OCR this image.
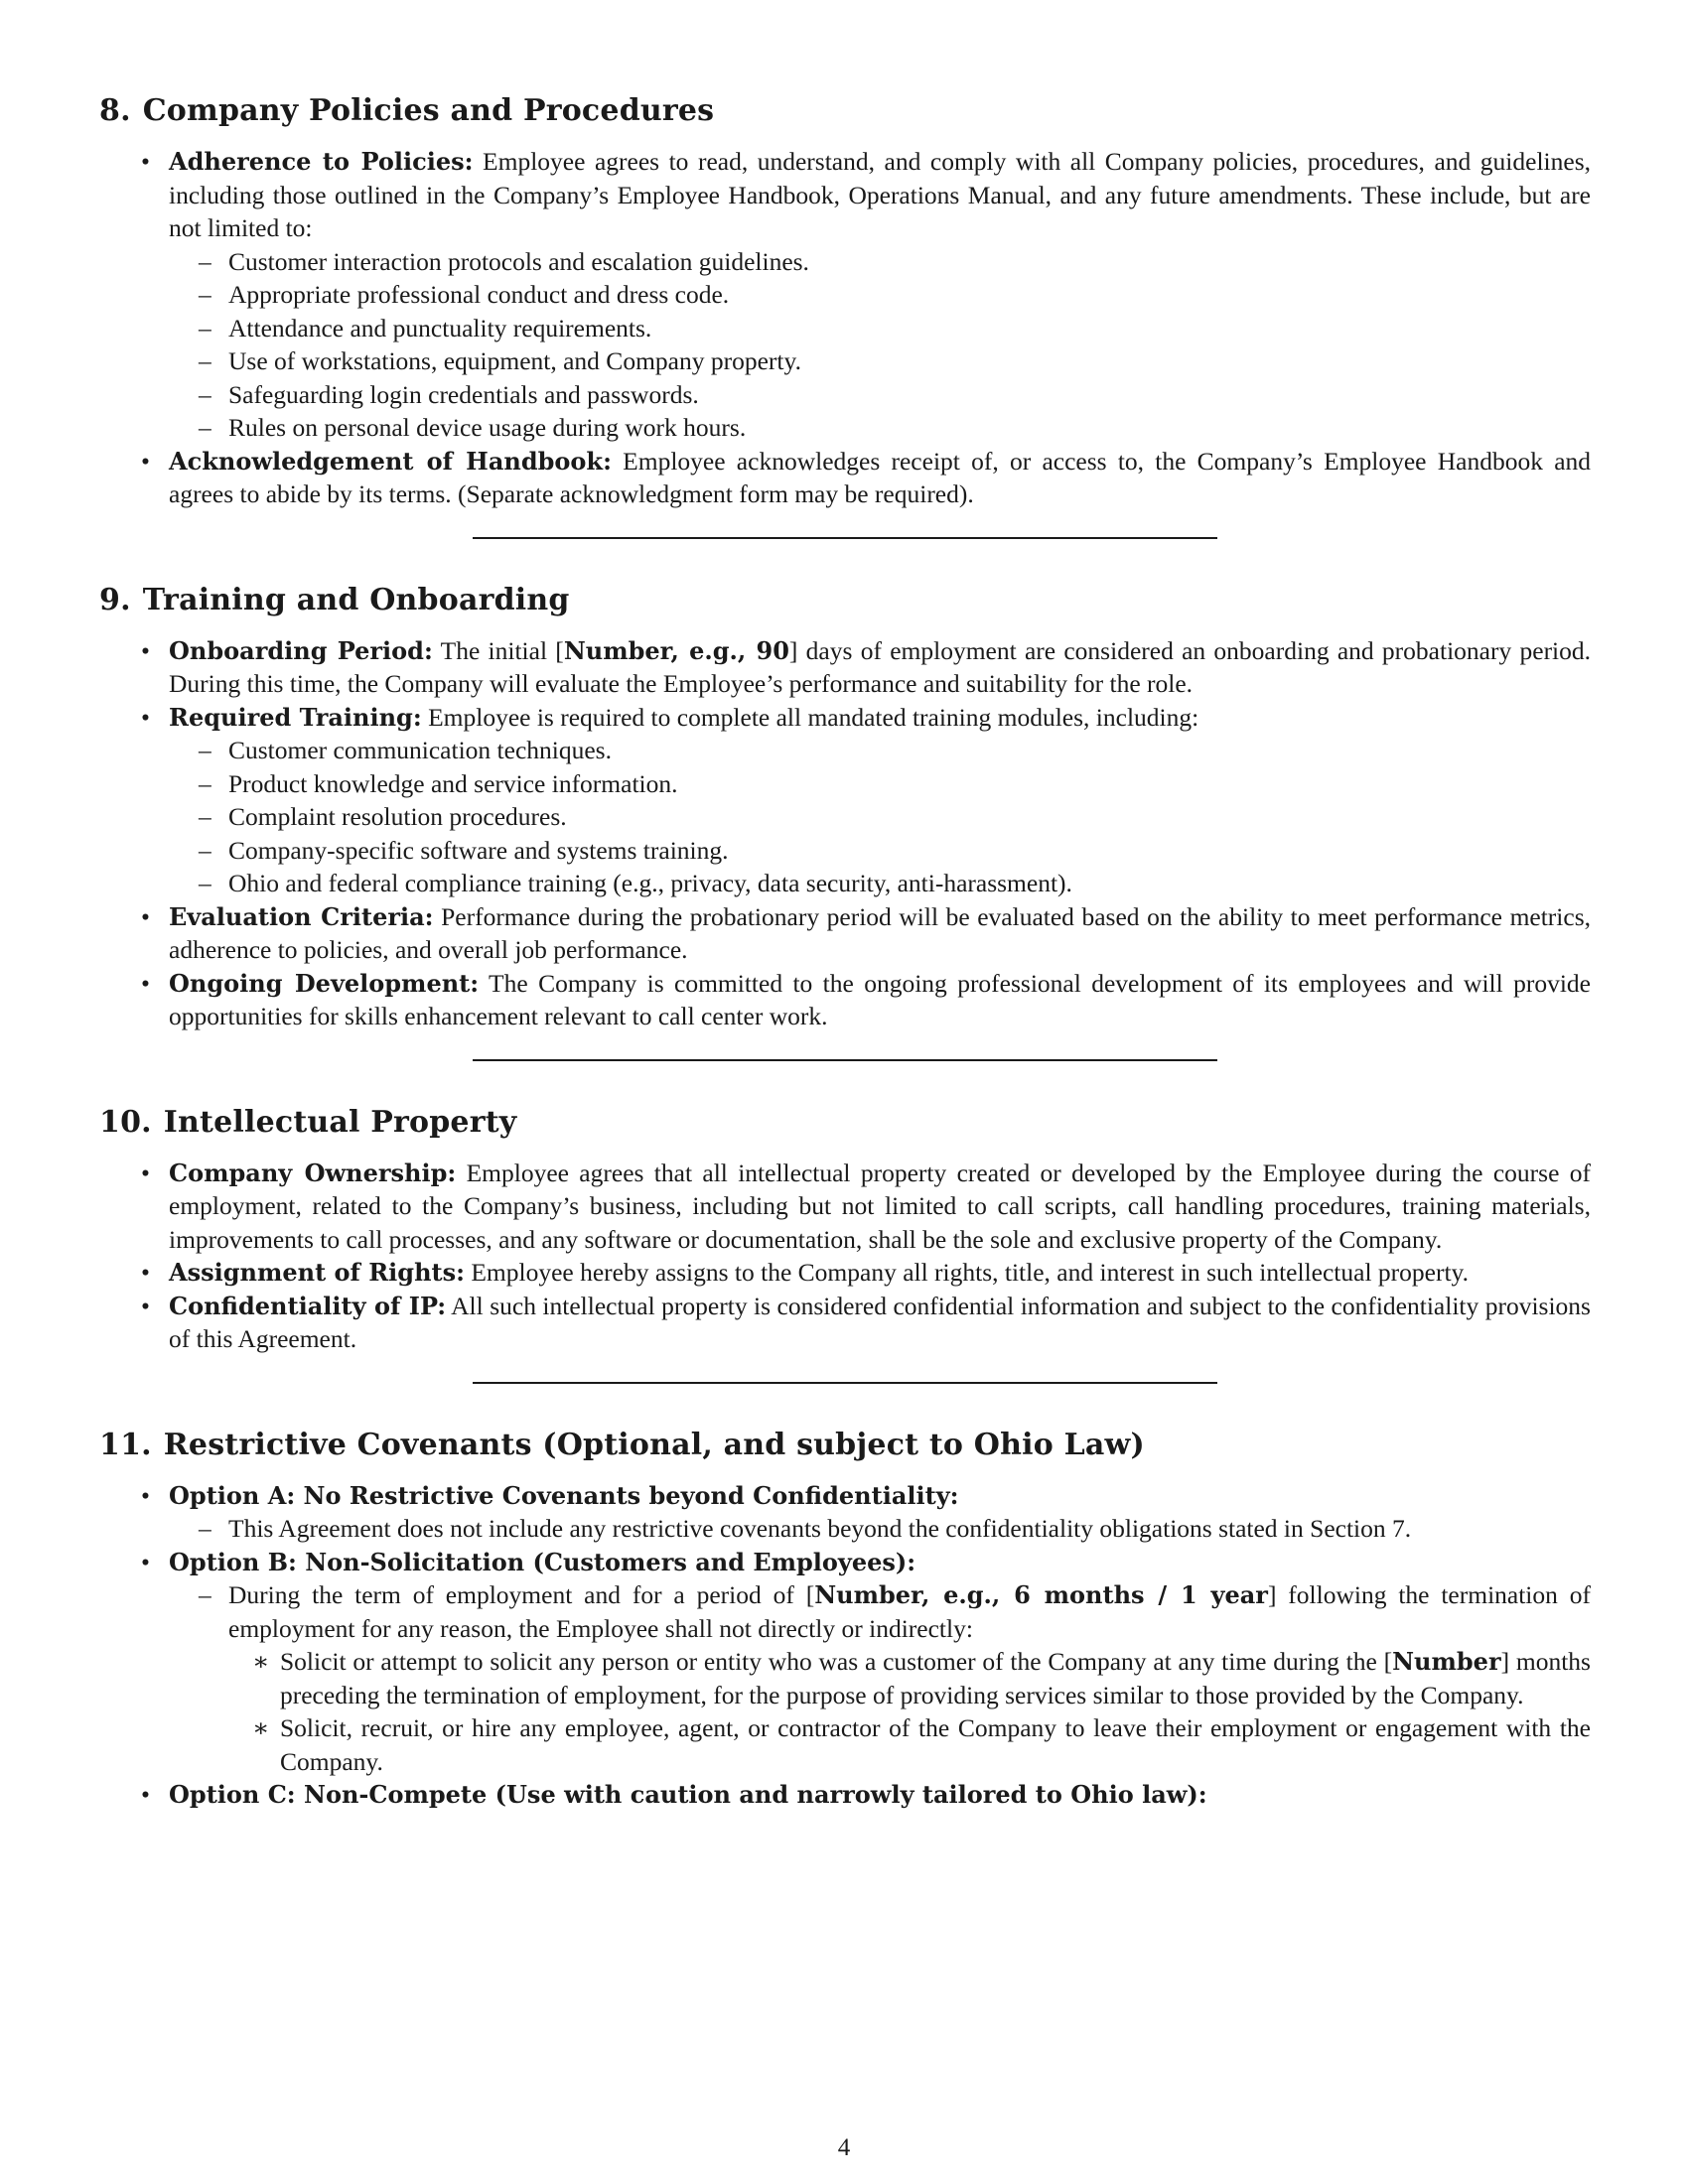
8. Company Policies and Procedures
• Adherence to Policies: Employee agrees to read, understand, and comply with all Company policies, procedures, and guidelines, including those outlined in the Company’s Employee Handbook, Operations Manual, and any future amendments. These include, but are not limited to:
– Customer interaction protocols and escalation guidelines.
– Appropriate professional conduct and dress code.
– Attendance and punctuality requirements.
– Use of workstations, equipment, and Company property.
– Safeguarding login credentials and passwords.
– Rules on personal device usage during work hours.
• Acknowledgement of Handbook: Employee acknowledges receipt of, or access to, the Company’s Employee Handbook and agrees to abide by its terms. (Separate acknowledgment form may be required).
9. Training and Onboarding
• Onboarding Period: The initial [Number, e.g., 90] days of employment are considered an onboarding and probationary period. During this time, the Company will evaluate the Employee’s performance and suitability for the role.
• Required Training: Employee is required to complete all mandated training modules, including:
– Customer communication techniques.
– Product knowledge and service information.
– Complaint resolution procedures.
– Company-specific software and systems training.
– Ohio and federal compliance training (e.g., privacy, data security, anti-harassment).
• Evaluation Criteria: Performance during the probationary period will be evaluated based on the ability to meet performance metrics, adherence to policies, and overall job performance.
• Ongoing Development: The Company is committed to the ongoing professional development of its employees and will provide opportunities for skills enhancement relevant to call center work.
10. Intellectual Property
• Company Ownership: Employee agrees that all intellectual property created or developed by the Employee during the course of employment, related to the Company’s business, including but not limited to call scripts, call handling procedures, training materials, improvements to call processes, and any software or documentation, shall be the sole and exclusive property of the Company.
• Assignment of Rights: Employee hereby assigns to the Company all rights, title, and interest in such intellectual property.
• Confidentiality of IP: All such intellectual property is considered confidential information and subject to the confidentiality provisions of this Agreement.
11. Restrictive Covenants (Optional, and subject to Ohio Law)
• Option A: No Restrictive Covenants beyond Confidentiality:
– This Agreement does not include any restrictive covenants beyond the confidentiality obligations stated in Section 7.
• Option B: Non-Solicitation (Customers and Employees):
– During the term of employment and for a period of [Number, e.g., 6 months / 1 year] following the termination of employment for any reason, the Employee shall not directly or indirectly:
∗ Solicit or attempt to solicit any person or entity who was a customer of the Company at any time during the [Number] months preceding the termination of employment, for the purpose of providing services similar to those provided by the Company.
∗ Solicit, recruit, or hire any employee, agent, or contractor of the Company to leave their employment or engagement with the Company.
• Option C: Non-Compete (Use with caution and narrowly tailored to Ohio law):
4
